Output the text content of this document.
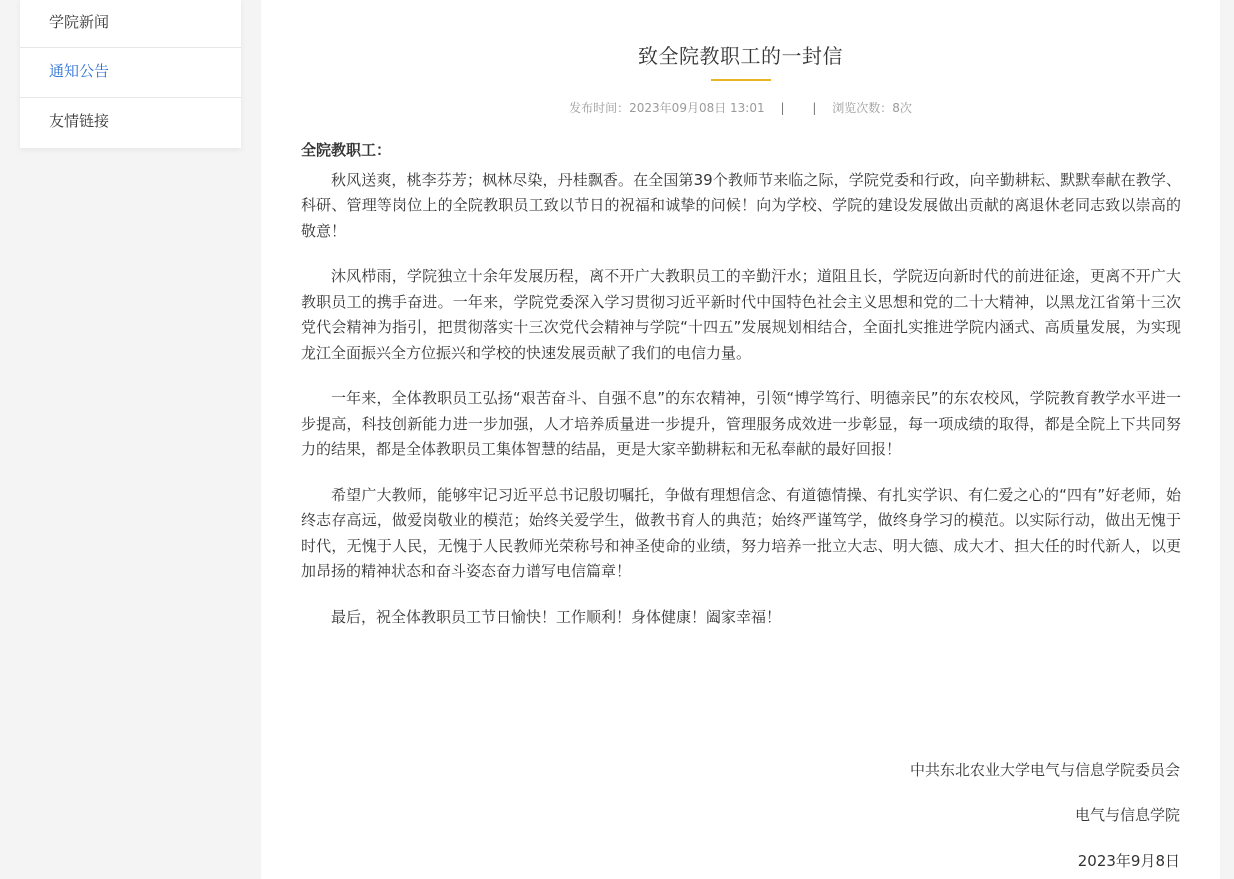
学院新闻
通知公告
友情链接
致全院教职工的一封信
发布时间：2023年09月08日 13:01 | | 浏览次数：8次

全院教职工：

秋风送爽，桃李芬芳；枫林尽染，丹桂飘香。在全国第39个教师节来临之际，学院党委和行政，向辛勤耕耘、默默奉献在教学、科研、管理等岗位上的全院教职员工致以节日的祝福和诚挚的问候！向为学校、学院的建设发展做出贡献的离退休老同志致以崇高的敬意！

沐风栉雨，学院独立十余年发展历程，离不开广大教职员工的辛勤汗水；道阻且长，学院迈向新时代的前进征途，更离不开广大教职员工的携手奋进。一年来，学院党委深入学习贯彻习近平新时代中国特色社会主义思想和党的二十大精神，以黑龙江省第十三次党代会精神为指引，把贯彻落实十三次党代会精神与学院“十四五”发展规划相结合，全面扎实推进学院内涵式、高质量发展，为实现龙江全面振兴全方位振兴和学校的快速发展贡献了我们的电信力量。

一年来，全体教职员工弘扬“艰苦奋斗、自强不息”的东农精神，引领“博学笃行、明德亲民”的东农校风，学院教育教学水平进一步提高，科技创新能力进一步加强，人才培养质量进一步提升，管理服务成效进一步彰显，每一项成绩的取得，都是全院上下共同努力的结果，都是全体教职员工集体智慧的结晶，更是大家辛勤耕耘和无私奉献的最好回报！

希望广大教师，能够牢记习近平总书记殷切嘱托，争做有理想信念、有道德情操、有扎实学识、有仁爱之心的“四有”好老师，始终志存高远，做爱岗敬业的模范；始终关爱学生，做教书育人的典范；始终严谨笃学，做终身学习的模范。以实际行动，做出无愧于时代，无愧于人民，无愧于人民教师光荣称号和神圣使命的业绩，努力培养一批立大志、明大德、成大才、担大任的时代新人，以更加昂扬的精神状态和奋斗姿态奋力谱写电信篇章！

最后，祝全体教职员工节日愉快！工作顺利！身体健康！阖家幸福！

中共东北农业大学电气与信息学院委员会
电气与信息学院
2023年9月8日
